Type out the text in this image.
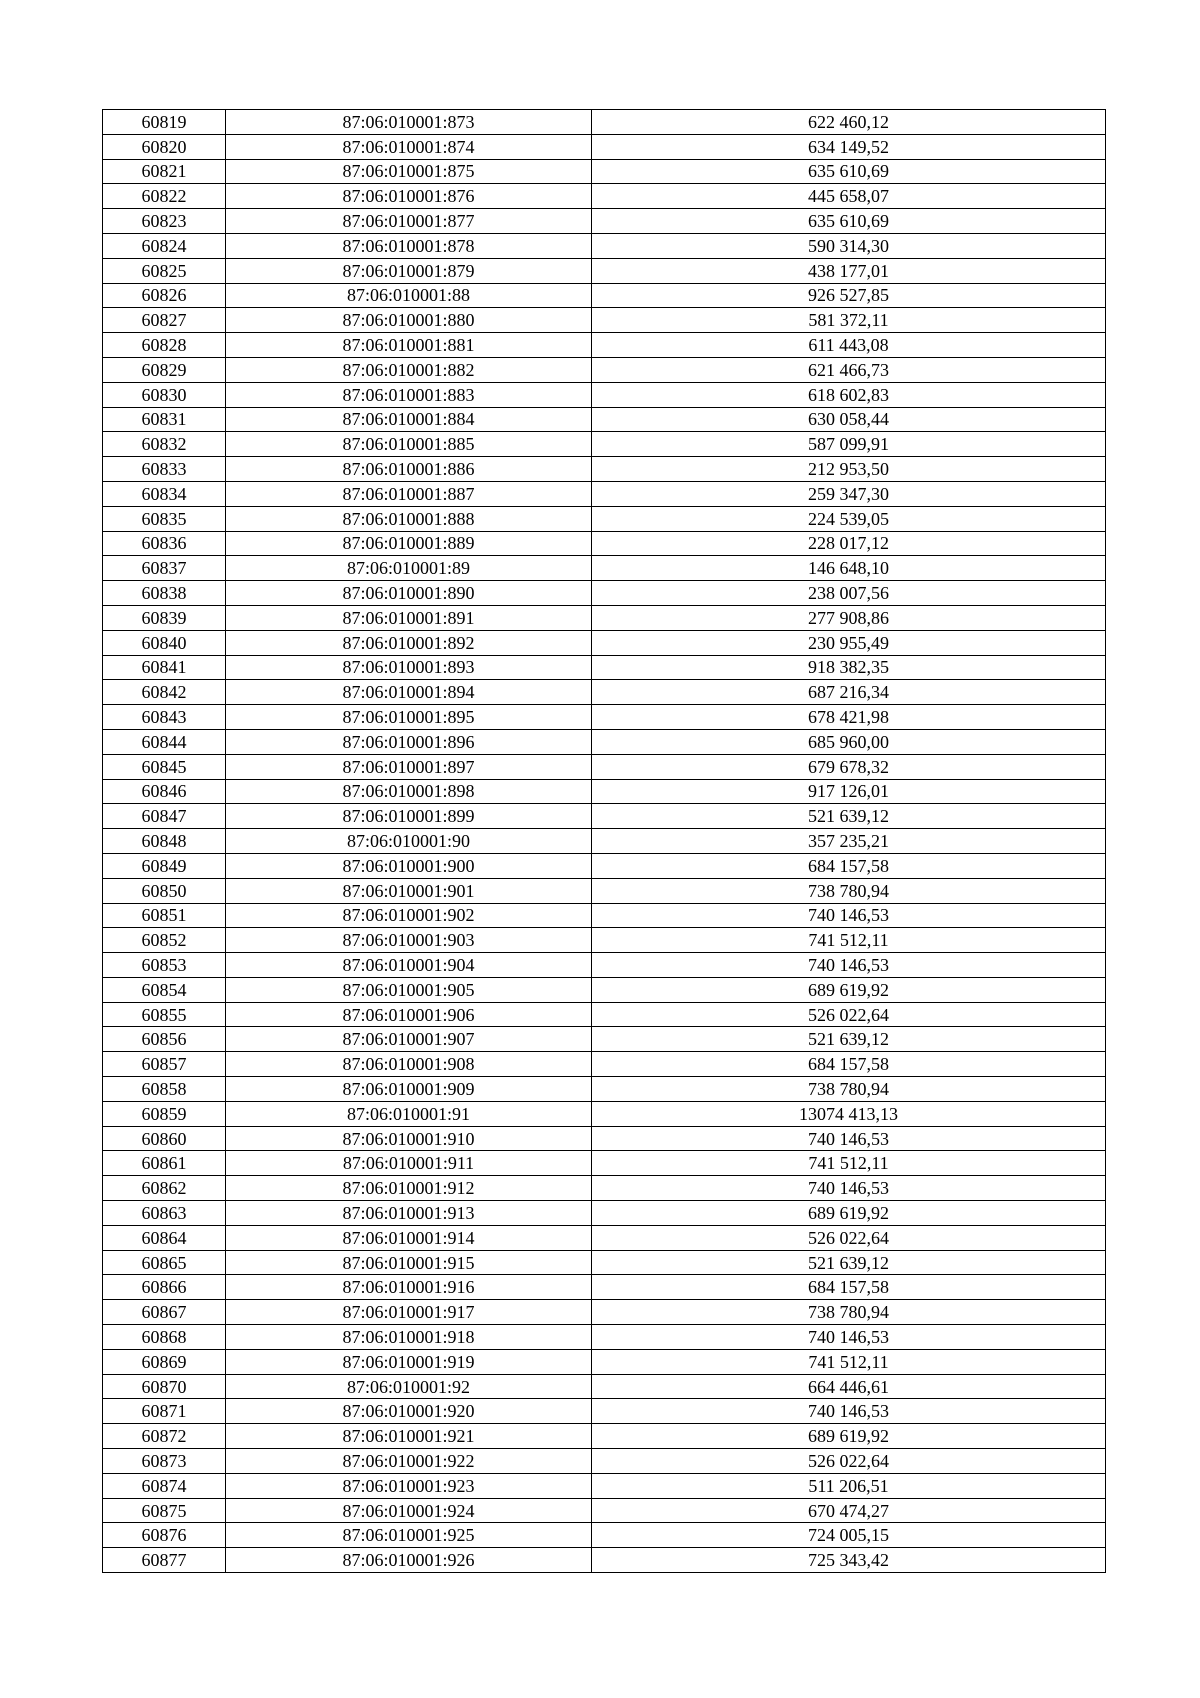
60819	87:06:010001:873	622 460,12
60820	87:06:010001:874	634 149,52
60821	87:06:010001:875	635 610,69
60822	87:06:010001:876	445 658,07
60823	87:06:010001:877	635 610,69
60824	87:06:010001:878	590 314,30
60825	87:06:010001:879	438 177,01
60826	87:06:010001:88	926 527,85
60827	87:06:010001:880	581 372,11
60828	87:06:010001:881	611 443,08
60829	87:06:010001:882	621 466,73
60830	87:06:010001:883	618 602,83
60831	87:06:010001:884	630 058,44
60832	87:06:010001:885	587 099,91
60833	87:06:010001:886	212 953,50
60834	87:06:010001:887	259 347,30
60835	87:06:010001:888	224 539,05
60836	87:06:010001:889	228 017,12
60837	87:06:010001:89	146 648,10
60838	87:06:010001:890	238 007,56
60839	87:06:010001:891	277 908,86
60840	87:06:010001:892	230 955,49
60841	87:06:010001:893	918 382,35
60842	87:06:010001:894	687 216,34
60843	87:06:010001:895	678 421,98
60844	87:06:010001:896	685 960,00
60845	87:06:010001:897	679 678,32
60846	87:06:010001:898	917 126,01
60847	87:06:010001:899	521 639,12
60848	87:06:010001:90	357 235,21
60849	87:06:010001:900	684 157,58
60850	87:06:010001:901	738 780,94
60851	87:06:010001:902	740 146,53
60852	87:06:010001:903	741 512,11
60853	87:06:010001:904	740 146,53
60854	87:06:010001:905	689 619,92
60855	87:06:010001:906	526 022,64
60856	87:06:010001:907	521 639,12
60857	87:06:010001:908	684 157,58
60858	87:06:010001:909	738 780,94
60859	87:06:010001:91	13074 413,13
60860	87:06:010001:910	740 146,53
60861	87:06:010001:911	741 512,11
60862	87:06:010001:912	740 146,53
60863	87:06:010001:913	689 619,92
60864	87:06:010001:914	526 022,64
60865	87:06:010001:915	521 639,12
60866	87:06:010001:916	684 157,58
60867	87:06:010001:917	738 780,94
60868	87:06:010001:918	740 146,53
60869	87:06:010001:919	741 512,11
60870	87:06:010001:92	664 446,61
60871	87:06:010001:920	740 146,53
60872	87:06:010001:921	689 619,92
60873	87:06:010001:922	526 022,64
60874	87:06:010001:923	511 206,51
60875	87:06:010001:924	670 474,27
60876	87:06:010001:925	724 005,15
60877	87:06:010001:926	725 343,42
